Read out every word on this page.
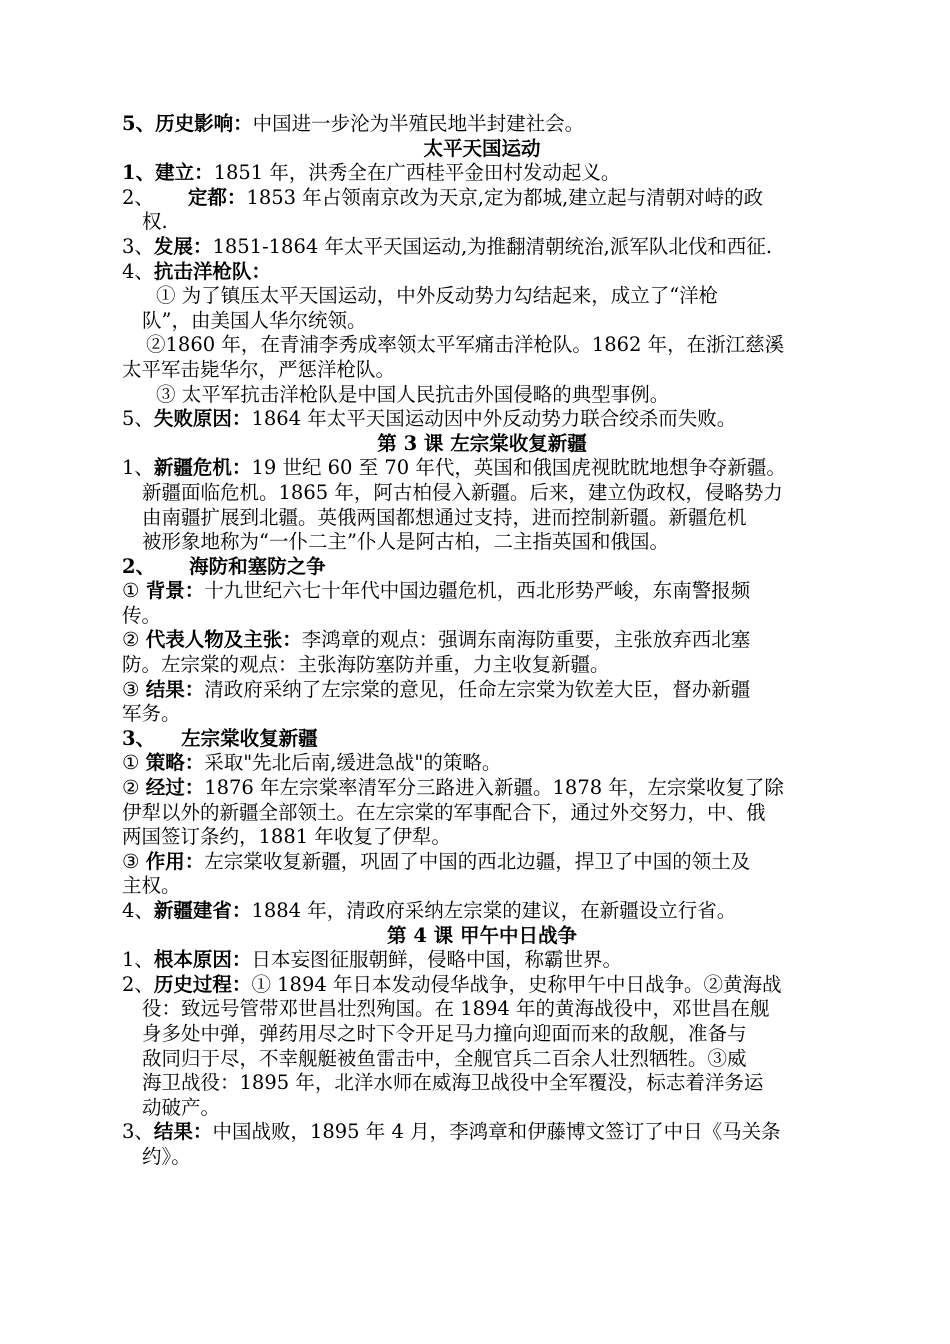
5、历史影响：中国进一步沦为半殖民地半封建社会。
太平天国运动
1、建立：1851 年，洪秀全在广西桂平金田村发动起义。
2、 定都：1853 年占领南京改为天京,定为都城,建立起与清朝对峙的政
权.
3、发展：1851-1864 年太平天国运动,为推翻清朝统治,派军队北伐和西征.
4、抗击洋枪队：
① 为了镇压太平天国运动，中外反动势力勾结起来，成立了“洋枪
队”，由美国人华尔统领。
②1860 年，在青浦李秀成率领太平军痛击洋枪队。1862 年，在浙江慈溪
太平军击毙华尔，严惩洋枪队。
③ 太平军抗击洋枪队是中国人民抗击外国侵略的典型事例。
5、失败原因：1864 年太平天国运动因中外反动势力联合绞杀而失败。
第 3 课 左宗棠收复新疆
1、新疆危机：19 世纪 60 至 70 年代，英国和俄国虎视眈眈地想争夺新疆。
新疆面临危机。1865 年，阿古柏侵入新疆。后来，建立伪政权，侵略势力
由南疆扩展到北疆。英俄两国都想通过支持，进而控制新疆。新疆危机
被形象地称为“一仆二主”仆人是阿古柏，二主指英国和俄国。
2、 海防和塞防之争
① 背景：十九世纪六七十年代中国边疆危机，西北形势严峻，东南警报频
传。
② 代表人物及主张：李鸿章的观点：强调东南海防重要，主张放弃西北塞
防。左宗棠的观点：主张海防塞防并重，力主收复新疆。
③ 结果：清政府采纳了左宗棠的意见，任命左宗棠为钦差大臣，督办新疆
军务。
3、 左宗棠收复新疆
① 策略：采取"先北后南,缓进急战"的策略。
② 经过：1876 年左宗棠率清军分三路进入新疆。1878 年，左宗棠收复了除
伊犁以外的新疆全部领土。在左宗棠的军事配合下，通过外交努力，中、俄
两国签订条约，1881 年收复了伊犁。
③ 作用：左宗棠收复新疆，巩固了中国的西北边疆，捍卫了中国的领土及
主权。
4、新疆建省：1884 年，清政府采纳左宗棠的建议，在新疆设立行省。
第 4 课 甲午中日战争
1、根本原因：日本妄图征服朝鲜，侵略中国，称霸世界。
2、历史过程：① 1894 年日本发动侵华战争，史称甲午中日战争。②黄海战
役：致远号管带邓世昌壮烈殉国。在 1894 年的黄海战役中，邓世昌在舰
身多处中弹，弹药用尽之时下令开足马力撞向迎面而来的敌舰，准备与
敌同归于尽，不幸舰艇被鱼雷击中，全舰官兵二百余人壮烈牺牲。③威
海卫战役：1895 年，北洋水师在威海卫战役中全军覆没，标志着洋务运
动破产。
3、结果：中国战败，1895 年 4 月，李鸿章和伊藤博文签订了中日《马关条
约》。
